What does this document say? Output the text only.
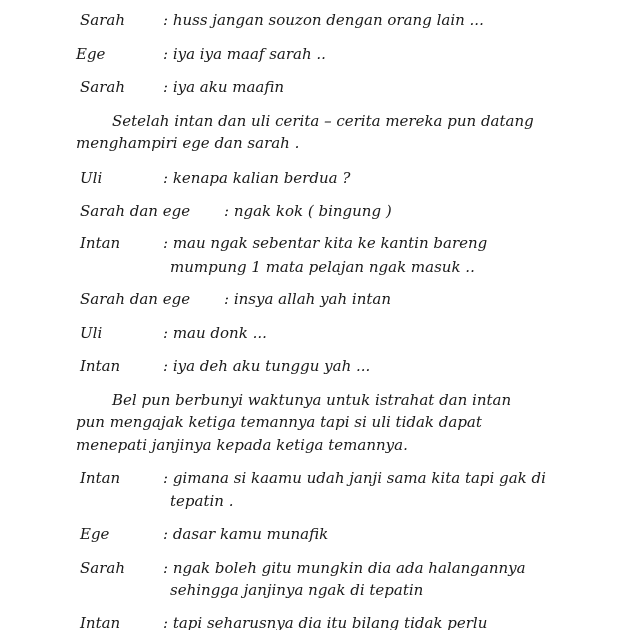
Sarah	: huss jangan souzon dengan orang lain ...
Ege	: iya iya maaf sarah ..
Sarah	: iya aku maafin
Setelah intan dan uli cerita – cerita mereka pun datang
menghampiri ege dan sarah .
Uli	: kenapa kalian berdua ?
Sarah dan ege : ngak kok ( bingung )
Intan	: mau ngak sebentar kita ke kantin bareng
mumpung 1 mata pelajan ngak masuk ..
Sarah dan ege : insya allah yah intan
Uli	: mau donk ...
Intan	: iya deh aku tunggu yah ...
Bel pun berbunyi waktunya untuk istrahat dan intan
pun mengajak ketiga temannya tapi si uli tidak dapat
menepati janjinya kepada ketiga temannya.
Intan	: gimana si kaamu udah janji sama kita tapi gak di
tepatin .
Ege	: dasar kamu munafik
Sarah	: ngak boleh gitu mungkin dia ada halangannya
sehingga janjinya ngak di tepatin
Intan	: tapi seharusnya dia itu bilang tidak perlu
